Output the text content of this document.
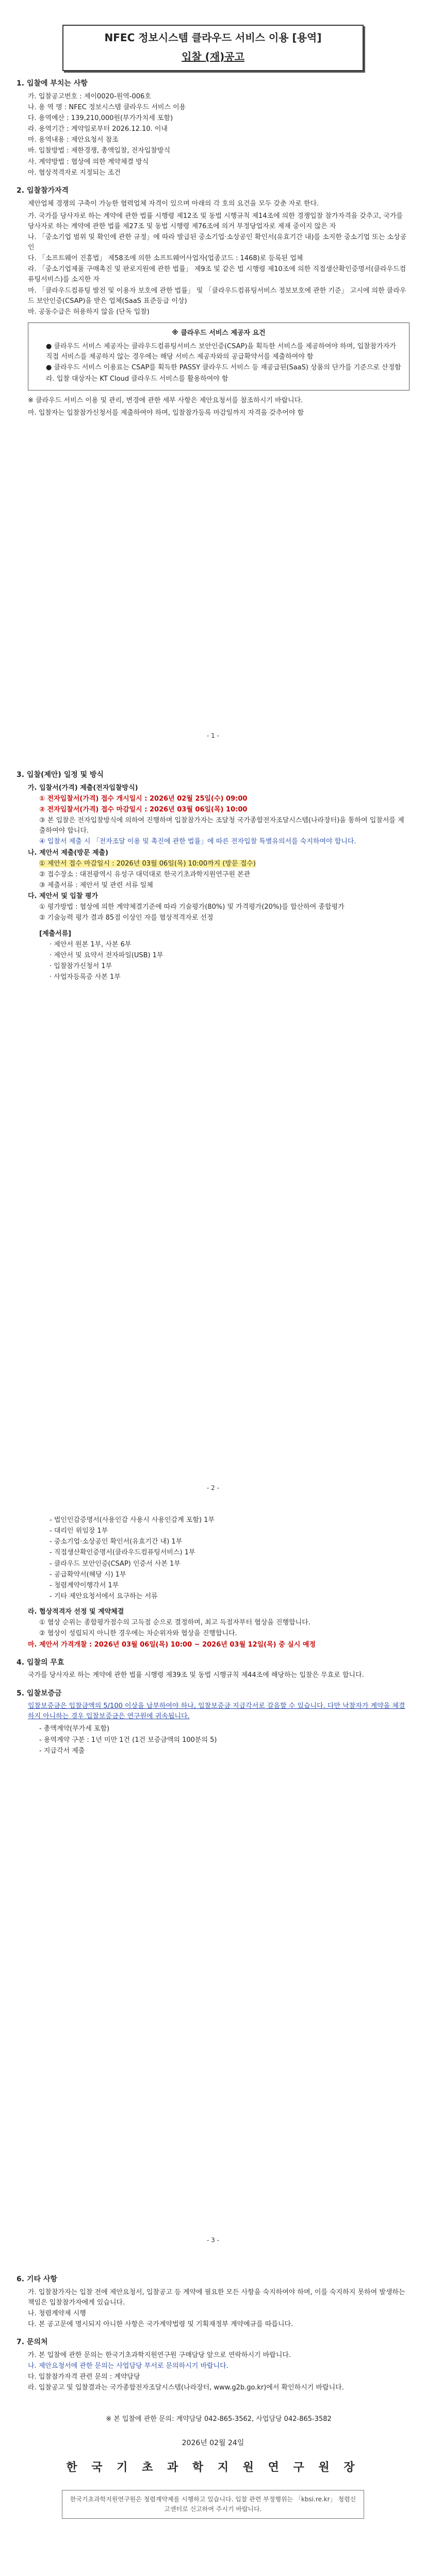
NFEC 정보시스템 클라우드 서비스 이용 [용역]
입찰 (재)공고
1. 입찰에 부치는 사항
가. 입찰공고번호 : 제이0020-원역-006호
나. 용 역 명 : NFEC 정보시스템 클라우드 서비스 이용
다. 용역예산 : 139,210,000원(부가가치세 포함)
라. 용역기간 : 계약일로부터 2026.12.10. 이내
마. 용역내용 : 제안요청서 참조
바. 입찰방법 : 제한경쟁, 총액입찰, 전자입찰방식
사. 계약방법 : 협상에 의한 계약체결 방식
아. 협상적격자로 지정되는 조건
2. 입찰참가자격
제안업체 경쟁의 구축이 가능한 협력업체 자격이 있으며 아래의 각 호의 요건을 모두 갖춘 자로 한다.
가. 국가를 당사자로 하는 계약에 관한 법률 시행령 제12조 및 동법 시행규칙 제14조에 의한 경쟁입찰 참가자격을 갖추고, 국가를 당사자로 하는 계약에 관한 법률 제27조 및 동법 시행령 제76조에 의거 부정당업자로 제재 중이지 않은 자
나. 「중소기업 범위 및 확인에 관한 규정」에 따라 발급된 중소기업·소상공인 확인서(유효기간 내)를 소지한 중소기업 또는 소상공인
다. 「소프트웨어 진흥법」 제58조에 의한 소프트웨어사업자(업종코드 : 1468)로 등록된 업체
라. 「중소기업제품 구매촉진 및 판로지원에 관한 법률」 제9조 및 같은 법 시행령 제10조에 의한 직접생산확인증명서(클라우드컴퓨팅서비스)를 소지한 자
마. 「클라우드컴퓨팅 발전 및 이용자 보호에 관한 법률」 및 「클라우드컴퓨팅서비스 정보보호에 관한 기준」 고시에 의한 클라우드 보안인증(CSAP)을 받은 업체(SaaS 표준등급 이상)
바. 공동수급은 허용하지 않음 (단독 입찰)
※ 클라우드 서비스 제공자 요건
● 클라우드 서비스 제공자는 클라우드컴퓨팅서비스 보안인증(CSAP)을 획득한 서비스를 제공하여야 하며, 입찰참가자가 직접 서비스를 제공하지 않는 경우에는 해당 서비스 제공자와의 공급확약서를 제출하여야 함
● 클라우드 서비스 이용료는 CSAP를 획득한 PASSY 클라우드 서비스 등 재공급된(SaaS) 상품의 단가를 기준으로 산정함
라. 입찰 대상자는 KT Cloud 클라우드 서비스를 활용하여야 함
※ 클라우드 서비스 이용 및 관리, 변경에 관한 세부 사항은 제안요청서를 참조하시기 바랍니다.
마. 입찰자는 입찰참가신청서를 제출하여야 하며, 입찰참가등록 마감일까지 자격을 갖추어야 함
- 1 -
3. 입찰(제안) 일정 및 방식
가. 입찰서(가격) 제출(전자입찰방식)
① 전자입찰서(가격) 접수 개시일시 : 2026년 02월 25일(수) 09:00
② 전자입찰서(가격) 접수 마감일시 : 2026년 03월 06일(목) 10:00
③ 본 입찰은 전자입찰방식에 의하여 진행하며 입찰참가자는 조달청 국가종합전자조달시스템(나라장터)을 통하여 입찰서를 제출하여야 합니다.
④ 입찰서 제출 시 「전자조달 이용 및 촉진에 관한 법률」에 따른 전자입찰 특별유의서를 숙지하여야 합니다.
나. 제안서 제출(방문 제출)
① 제안서 접수 마감일시 : 2026년 03월 06일(목) 10:00까지 (방문 접수)
② 접수장소 : 대전광역시 유성구 대덕대로 한국기초과학지원연구원 본관
③ 제출서류 : 제안서 및 관련 서류 일체
다. 제안서 및 입찰 평가
① 평가방법 : 협상에 의한 계약체결기준에 따라 기술평가(80%) 및 가격평가(20%)를 합산하여 종합평가
② 기술능력 평가 결과 85점 이상인 자를 협상적격자로 선정
[제출서류]
· 제안서 원본 1부, 사본 6부
· 제안서 및 요약서 전자파일(USB) 1부
· 입찰참가신청서 1부
· 사업자등록증 사본 1부
- 2 -
- 법인인감증명서(사용인감 사용시 사용인감계 포함) 1부
- 대리인 위임장 1부
- 중소기업·소상공인 확인서(유효기간 내) 1부
- 직접생산확인증명서(클라우드컴퓨팅서비스) 1부
- 클라우드 보안인증(CSAP) 인증서 사본 1부
- 공급확약서(해당 시) 1부
- 청렴계약이행각서 1부
- 기타 제안요청서에서 요구하는 서류
라. 협상적격자 선정 및 계약체결
① 협상 순위는 종합평가점수의 고득점 순으로 결정하며, 최고 득점자부터 협상을 진행합니다.
② 협상이 성립되지 아니한 경우에는 차순위자와 협상을 진행합니다.
마. 제안서 가격개찰 : 2026년 03월 06일(목) 10:00 ~ 2026년 03월 12일(목) 중 실시 예정
4. 입찰의 무효
국가를 당사자로 하는 계약에 관한 법률 시행령 제39조 및 동법 시행규칙 제44조에 해당하는 입찰은 무효로 합니다.
5. 입찰보증금
입찰보증금은 입찰금액의 5/100 이상을 납부하여야 하나, 입찰보증금 지급각서로 갈음할 수 있습니다. 다만 낙찰자가 계약을 체결하지 아니하는 경우 입찰보증금은 연구원에 귀속됩니다.
- 총액계약(부가세 포함)
- 용역계약 구분 : 1년 미만 1건 (1건 보증금액의 100분의 5)
- 지급각서 제출
- 3 -
6. 기타 사항
가. 입찰참가자는 입찰 전에 제안요청서, 입찰공고 등 계약에 필요한 모든 사항을 숙지하여야 하며, 이를 숙지하지 못하여 발생하는 책임은 입찰참가자에게 있습니다.
나. 청렴계약제 시행
다. 본 공고문에 명시되지 아니한 사항은 국가계약법령 및 기획재정부 계약예규를 따릅니다.
7. 문의처
가. 본 입찰에 관한 문의는 한국기초과학지원연구원 구매담당 앞으로 연락하시기 바랍니다.
나. 제안요청서에 관한 문의는 사업담당 부서로 문의하시기 바랍니다.
다. 입찰참가자격 관련 문의 : 계약담당
라. 입찰공고 및 입찰결과는 국가종합전자조달시스템(나라장터, www.g2b.go.kr)에서 확인하시기 바랍니다.
※ 본 입찰에 관한 문의: 계약담당 042-865-3562, 사업담당 042-865-3582
2026년 02월 24일
한 국 기 초 과 학 지 원 연 구 원 장
한국기초과학지원연구원은 청렴계약제를 시행하고 있습니다. 입찰 관련 부정행위는 「kbsi.re.kr」 청렴신고센터로 신고하여 주시기 바랍니다.
